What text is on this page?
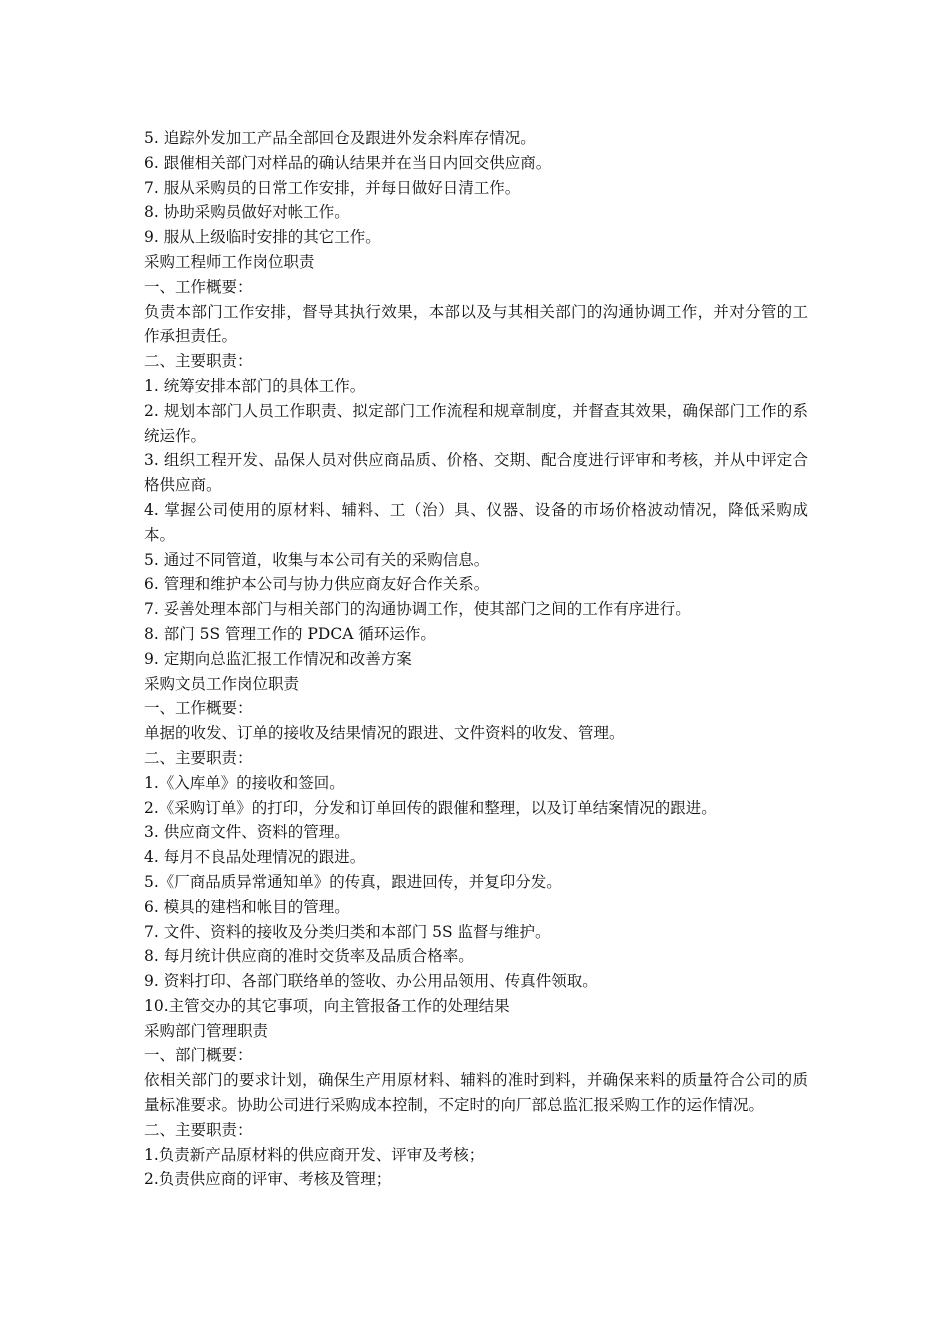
5. 追踪外发加工产品全部回仓及跟进外发余料库存情况。

6. 跟催相关部门对样品的确认结果并在当日内回交供应商。

7. 服从采购员的日常工作安排，并每日做好日清工作。

8. 协助采购员做好对帐工作。

9. 服从上级临时安排的其它工作。

采购工程师工作岗位职责

一、工作概要：

负责本部门工作安排，督导其执行效果，本部以及与其相关部门的沟通协调工作，并对分管的工作承担责任。

二、主要职责：

1. 统筹安排本部门的具体工作。

2. 规划本部门人员工作职责、拟定部门工作流程和规章制度，并督查其效果，确保部门工作的系统运作。

3. 组织工程开发、品保人员对供应商品质、价格、交期、配合度进行评审和考核，并从中评定合格供应商。

4. 掌握公司使用的原材料、辅料、工（治）具、仪器、设备的市场价格波动情况，降低采购成本。

5. 通过不同管道，收集与本公司有关的采购信息。

6. 管理和维护本公司与协力供应商友好合作关系。

7. 妥善处理本部门与相关部门的沟通协调工作，使其部门之间的工作有序进行。

8. 部门 5S 管理工作的 PDCA 循环运作。

9. 定期向总监汇报工作情况和改善方案

采购文员工作岗位职责

一、工作概要：

单据的收发、订单的接收及结果情况的跟进、文件资料的收发、管理。

二、主要职责：

1.《入库单》的接收和签回。

2.《采购订单》的打印，分发和订单回传的跟催和整理，以及订单结案情况的跟进。

3. 供应商文件、资料的管理。

4. 每月不良品处理情况的跟进。

5.《厂商品质异常通知单》的传真，跟进回传，并复印分发。

6. 模具的建档和帐目的管理。

7. 文件、资料的接收及分类归类和本部门 5S 监督与维护。

8. 每月统计供应商的准时交货率及品质合格率。

9. 资料打印、各部门联络单的签收、办公用品领用、传真件领取。

10.主管交办的其它事项，向主管报备工作的处理结果

采购部门管理职责

一、部门概要：

依相关部门的要求计划，确保生产用原材料、辅料的准时到料，并确保来料的质量符合公司的质量标准要求。协助公司进行采购成本控制，不定时的向厂部总监汇报采购工作的运作情况。

二、主要职责：

1.负责新产品原材料的供应商开发、评审及考核；

2.负责供应商的评审、考核及管理；
